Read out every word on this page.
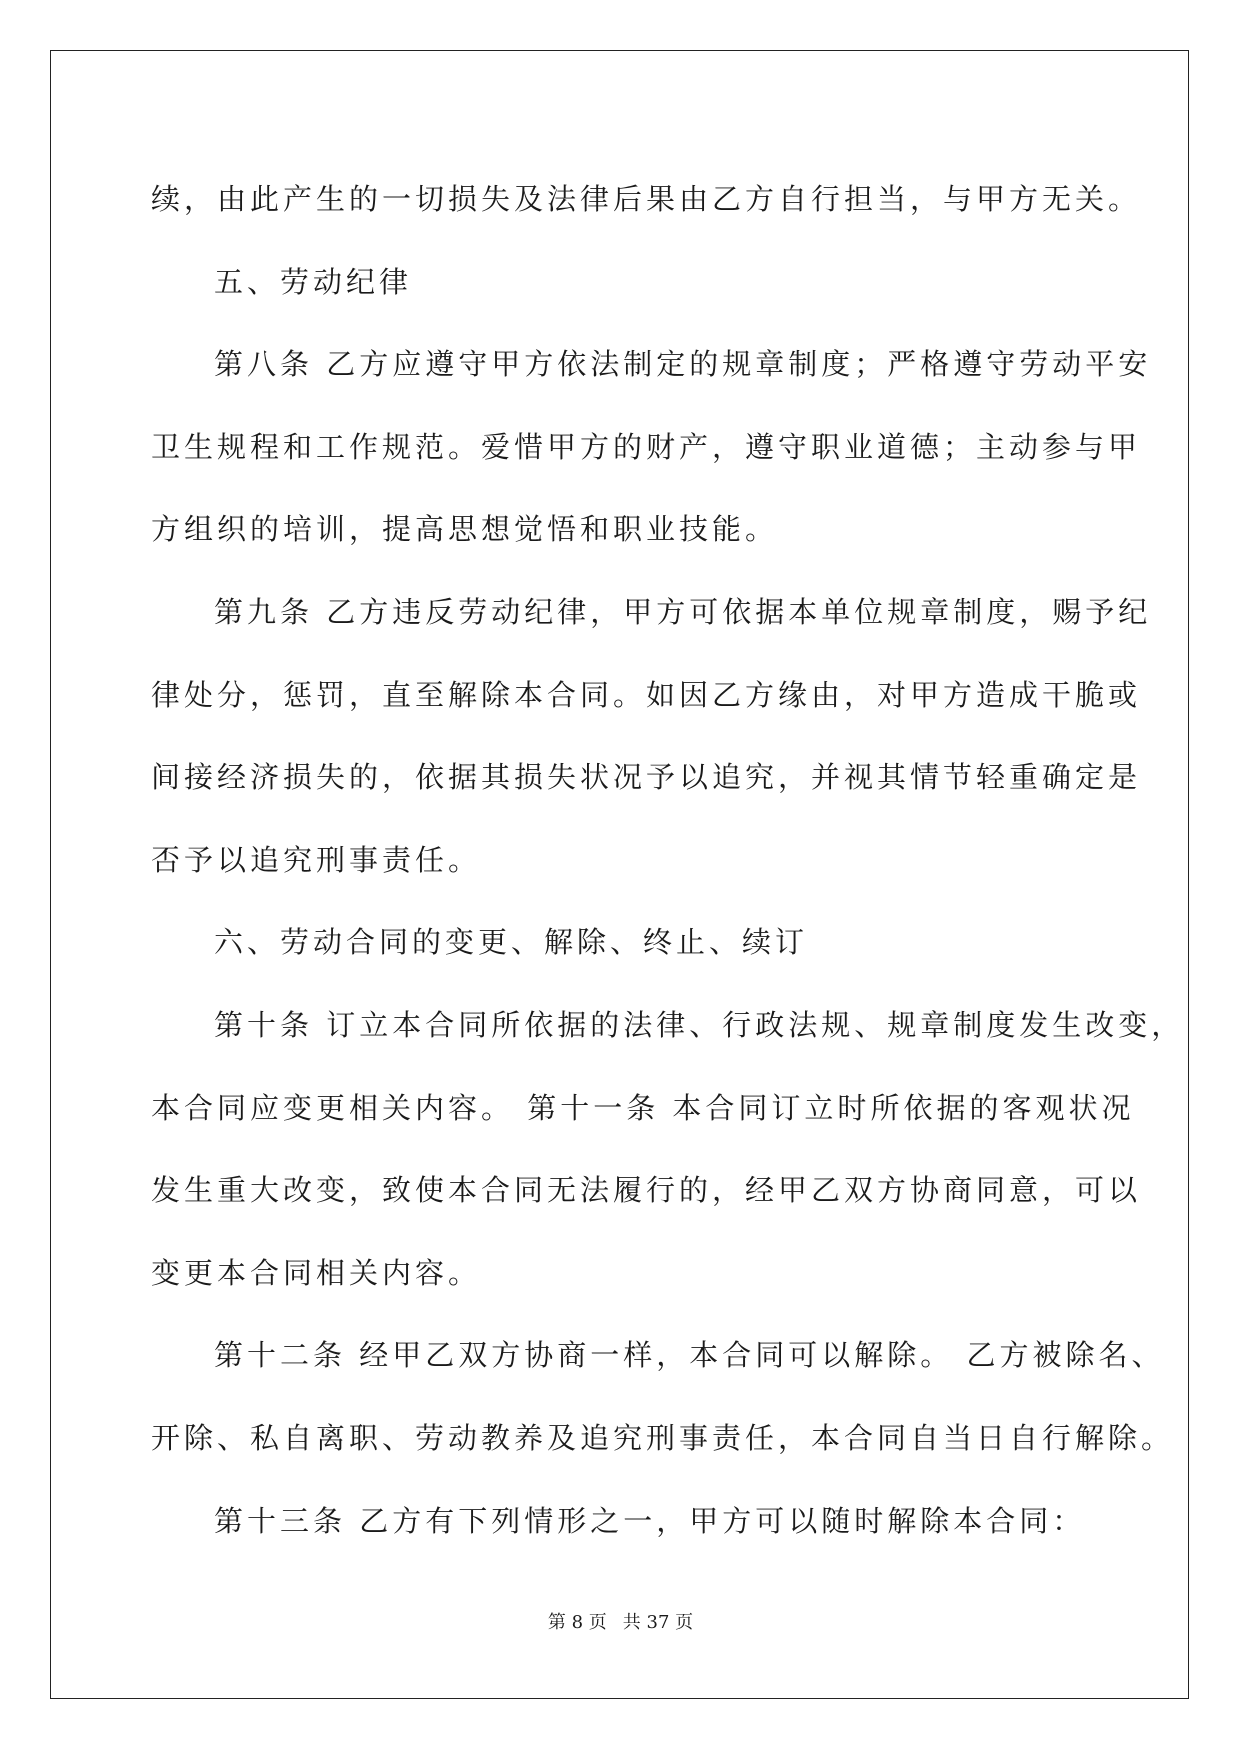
续，由此产生的一切损失及法律后果由乙方自行担当，与甲方无关。

五、劳动纪律

第八条 乙方应遵守甲方依法制定的规章制度；严格遵守劳动平安

卫生规程和工作规范。爱惜甲方的财产，遵守职业道德；主动参与甲

方组织的培训，提高思想觉悟和职业技能。

第九条 乙方违反劳动纪律，甲方可依据本单位规章制度，赐予纪

律处分，惩罚，直至解除本合同。如因乙方缘由，对甲方造成干脆或

间接经济损失的，依据其损失状况予以追究，并视其情节轻重确定是

否予以追究刑事责任。

六、劳动合同的变更、解除、终止、续订

第十条 订立本合同所依据的法律、行政法规、规章制度发生改变，

本合同应变更相关内容。 第十一条 本合同订立时所依据的客观状况

发生重大改变，致使本合同无法履行的，经甲乙双方协商同意，可以

变更本合同相关内容。

第十二条 经甲乙双方协商一样，本合同可以解除。 乙方被除名、

开除、私自离职、劳动教养及追究刑事责任，本合同自当日自行解除。

第十三条 乙方有下列情形之一，甲方可以随时解除本合同：

第 8 页 共 37 页
